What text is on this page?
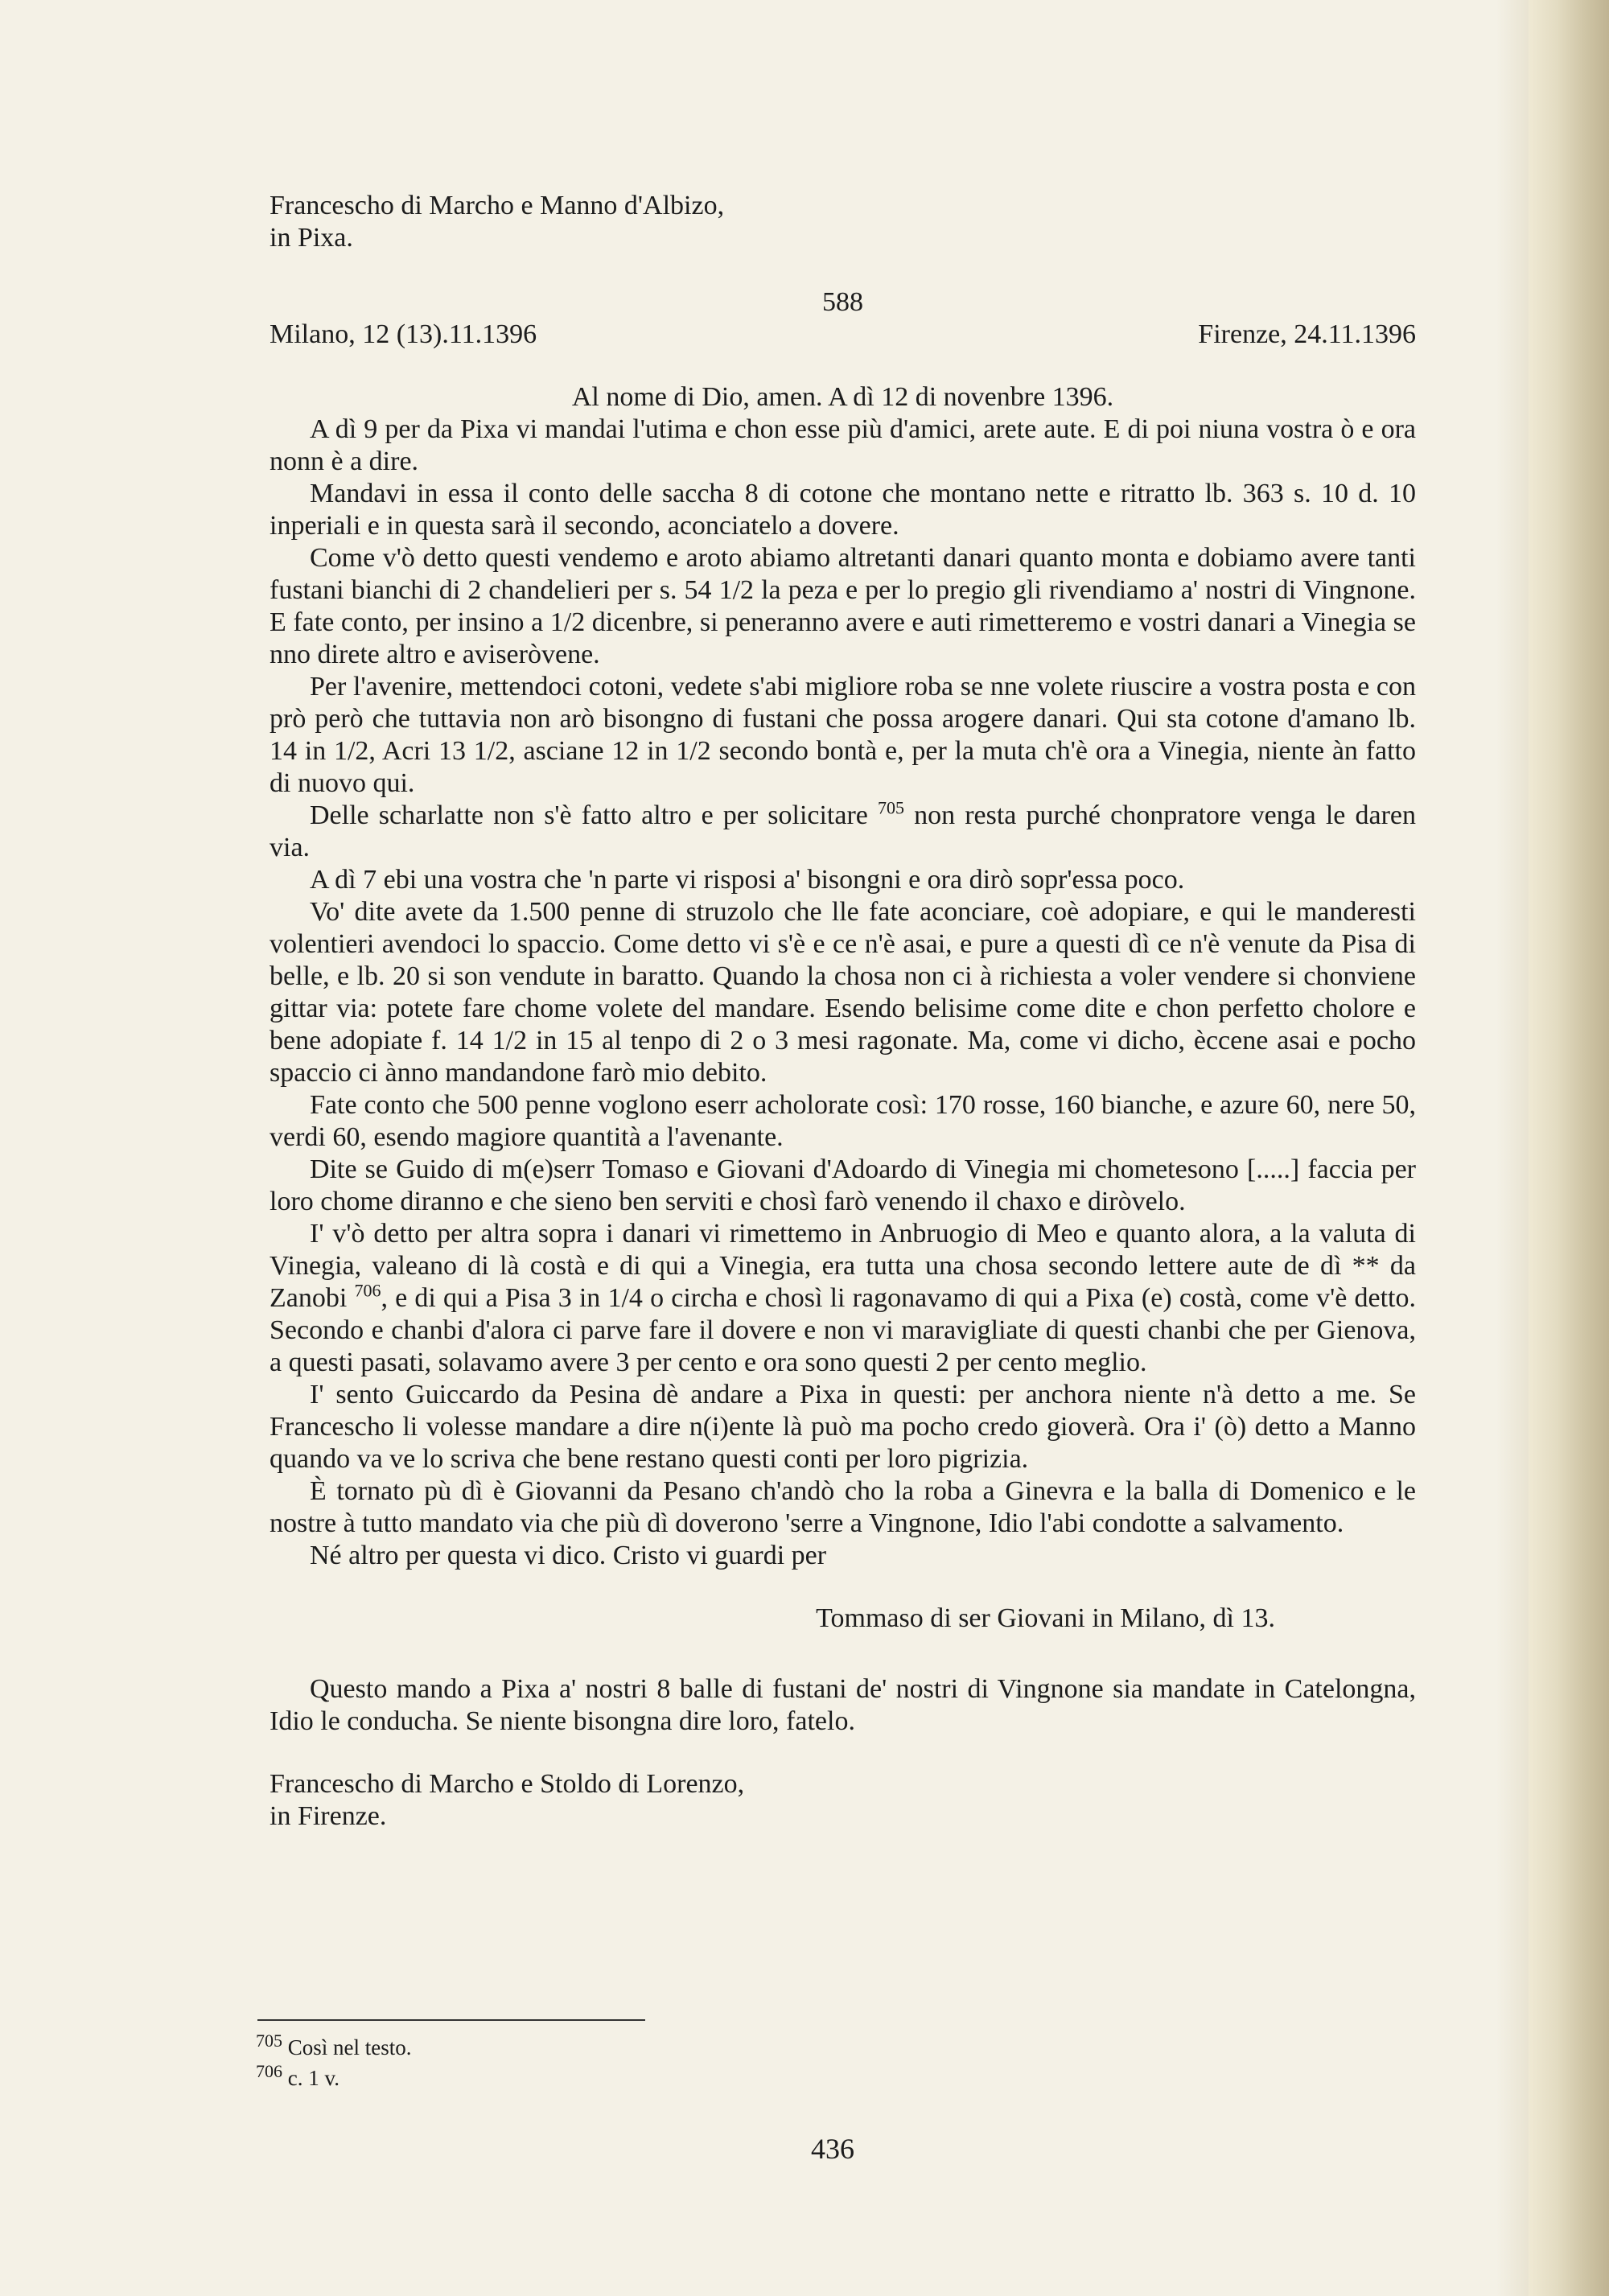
Francescho di Marcho e Manno d'Albizo,

in Pixa.

588

Milano, 12 (13).11.1396	Firenze, 24.11.1396

Al nome di Dio, amen. A dì 12 di novenbre 1396.

A dì 9 per da Pixa vi mandai l'utima e chon esse più d'amici, arete aute. E di poi niuna vostra ò e ora nonn è a dire.

Mandavi in essa il conto delle saccha 8 di cotone che montano nette e ritratto lb. 363 s. 10 d. 10 inperiali e in questa sarà il secondo, aconciatelo a dovere.

Come v'ò detto questi vendemo e aroto abiamo altretanti danari quanto monta e dobiamo avere tanti fustani bianchi di 2 chandelieri per s. 54 1/2 la peza e per lo pregio gli rivendiamo a' nostri di Vingnone. E fate conto, per insino a 1/2 dicenbre, si peneranno avere e auti rimetteremo e vostri danari a Vinegia se nno direte altro e aviseròvene.

Per l'avenire, mettendoci cotoni, vedete s'abi migliore roba se nne volete riuscire a vostra posta e con prò però che tuttavia non arò bisongno di fustani che possa arogere danari. Qui sta cotone d'amano lb. 14 in 1/2, Acri 13 1/2, asciane 12 in 1/2 secondo bontà e, per la muta ch'è ora a Vinegia, niente àn fatto di nuovo qui.

Delle scharlatte non s'è fatto altro e per solicitare $^{705}$ non resta purché chonpratore venga le daren via.

A dì 7 ebi una vostra che 'n parte vi risposi a' bisongni e ora dirò sopr'essa poco.

Vo' dite avete da 1.500 penne di struzolo che lle fate aconciare, coè adopiare, e qui le manderesti volentieri avendoci lo spaccio. Come detto vi s'è e ce n'è asai, e pure a questi dì ce n'è venute da Pisa di belle, e lb. 20 si son vendute in baratto. Quando la chosa non ci à richiesta a voler vendere si chonviene gittar via: potete fare chome volete del mandare. Esendo belisime come dite e chon perfetto cholore e bene adopiate f. 14 1/2 in 15 al tenpo di 2 o 3 mesi ragonate. Ma, come vi dicho, èccene asai e pocho spaccio ci ànno mandandone farò mio debito.

Fate conto che 500 penne voglono eserr acholorate così: 170 rosse, 160 bianche, e azure 60, nere 50, verdi 60, esendo magiore quantità a l'avenante.

Dite se Guido di m(e)serr Tomaso e Giovani d'Adoardo di Vinegia mi chometesono [.....] faccia per loro chome diranno e che sieno ben serviti e chosì farò venendo il chaxo e diròvelo.

I' v'ò detto per altra sopra i danari vi rimettemo in Anbruogio di Meo e quanto alora, a la valuta di Vinegia, valeano di là costà e di qui a Vinegia, era tutta una chosa secondo lettere aute de dì ** da Zanobi $^{706}$, e di qui a Pisa 3 in 1/4 o circha e chosì li ragonavamo di qui a Pixa (e) costà, come v'è detto. Secondo e chanbi d'alora ci parve fare il dovere e non vi maravigliate di questi chanbi che per Gienova, a questi pasati, solavamo avere 3 per cento e ora sono questi 2 per cento meglio.

I' sento Guiccardo da Pesina dè andare a Pixa in questi: per anchora niente n'à detto a me. Se Francescho li volesse mandare a dire n(i)ente là può ma pocho credo gioverà. Ora i' (ò) detto a Manno quando va ve lo scriva che bene restano questi conti per loro pigrizia.

È tornato pù dì è Giovanni da Pesano ch'andò cho la roba a Ginevra e la balla di Domenico e le nostre à tutto mandato via che più dì doverono 'serre a Vingnone, Idio l'abi condotte a salvamento.

Né altro per questa vi dico. Cristo vi guardi per

Tommaso di ser Giovani in Milano, dì 13.

Questo mando a Pixa a' nostri 8 balle di fustani de' nostri di Vingnone sia mandate in Catelongna, Idio le conducha. Se niente bisongna dire loro, fatelo.

Francescho di Marcho e Stoldo di Lorenzo,

in Firenze.

$^{705}$ Così nel testo.
$^{706}$ c. 1 v.
436
